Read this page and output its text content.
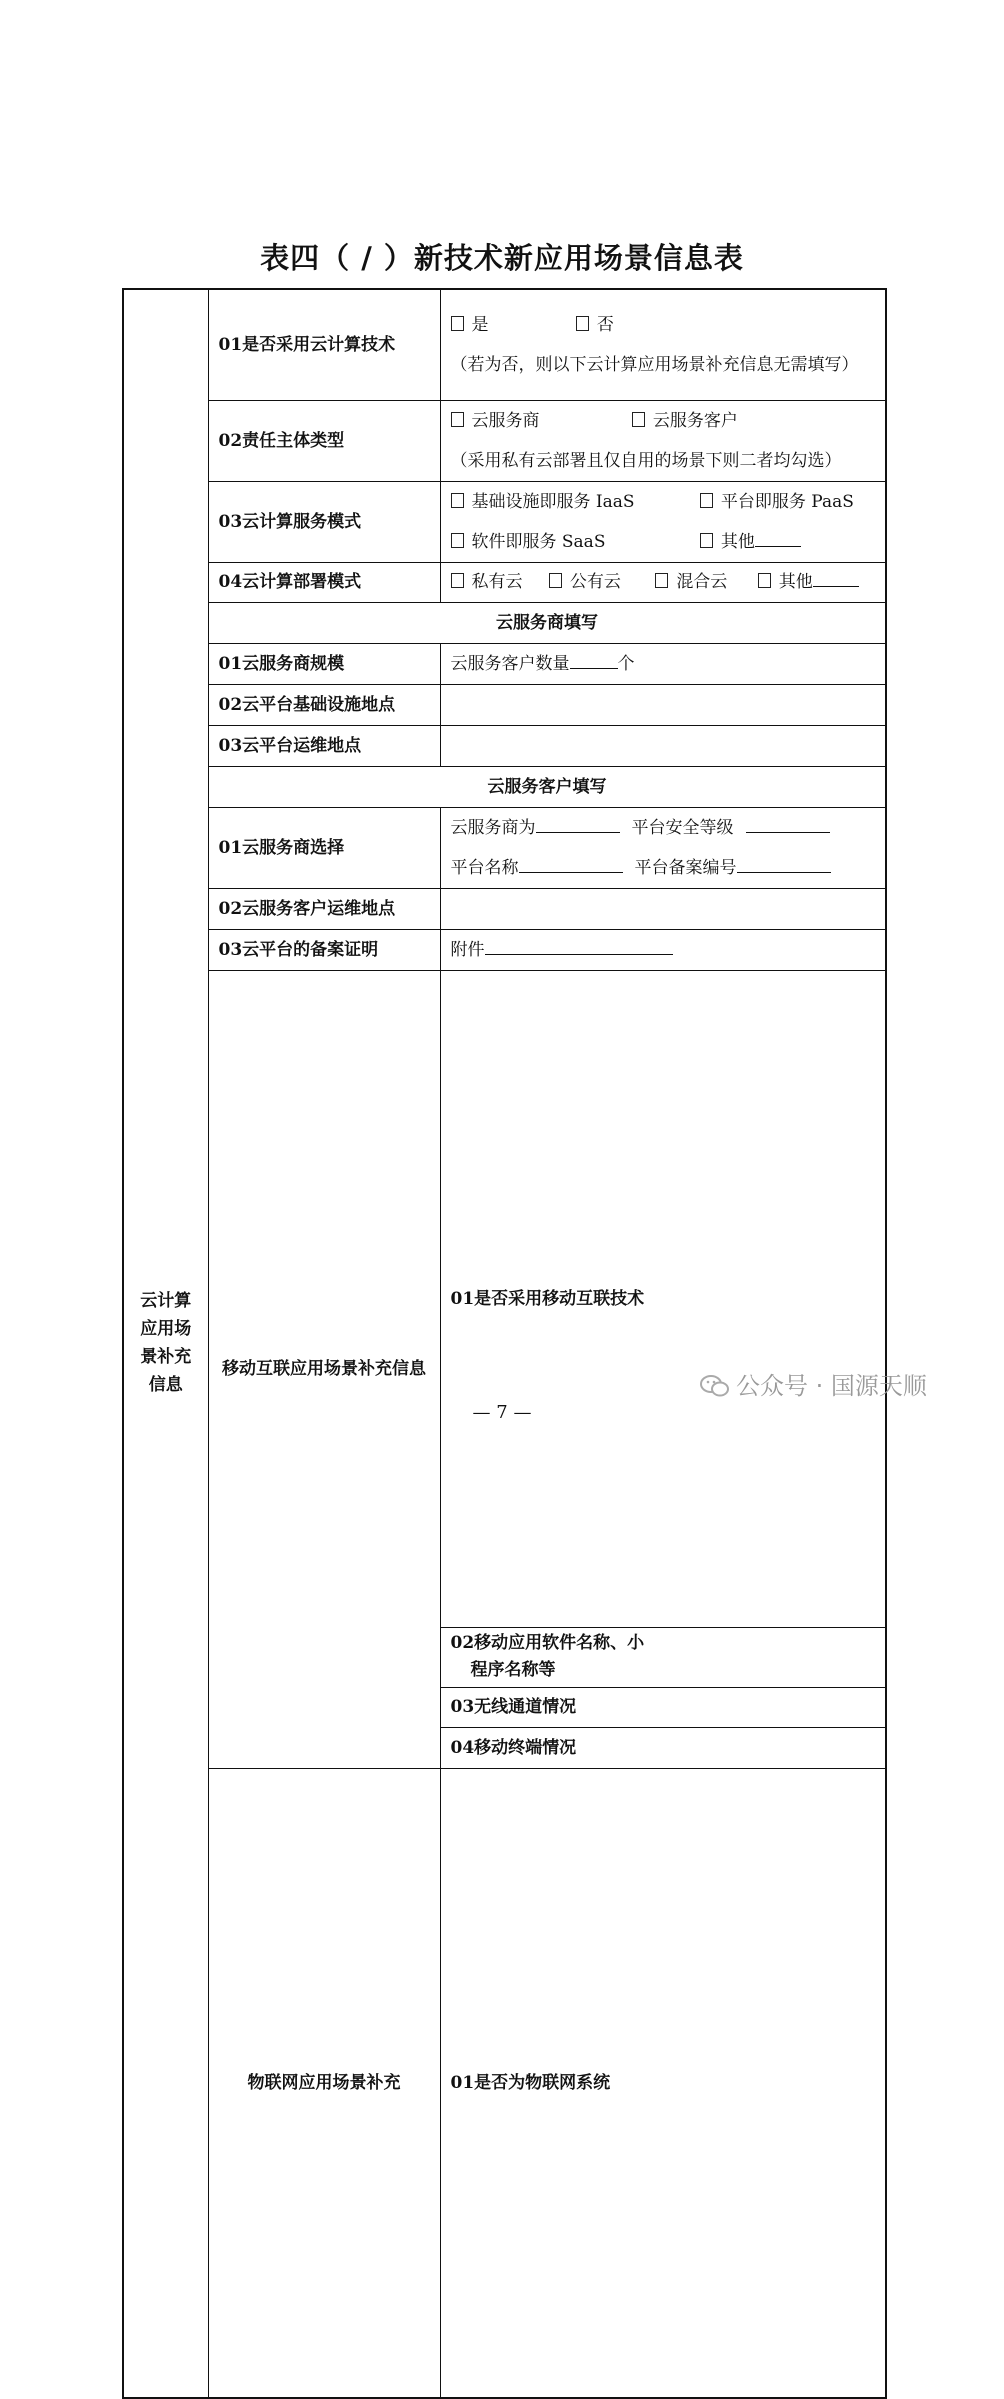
表四（ / ）新技术新应用场景信息表
云计算应用场景补充信息	01是否采用云计算技术	是 否
（若为否，则以下云计算应用场景补充信息无需填写）	

	02责任主体类型	云服务商 云服务客户
（采用私有云部署且仅自用的场景下则二者均勾选）	

	03云计算服务模式	基础设施即服务 IaaS 平台即服务 PaaS
软件即服务 SaaS 其他	

	04云计算部署模式	私有云 公有云 混合云 其他	

	云服务商填写		
	01云服务商规模	云服务客户数量 个	
	02云平台基础设施地点		
	03云平台运维地点		
	云服务客户填写		
	01云服务商选择	云服务商为 平台安全等级
平台名称 平台备案编号	

	02云服务客户运维地点		
	03云平台的备案证明	附件	
	移动互联应用场景补充信息	01是否采用移动互联技术	

		02移动应用软件名称、小
程序名称等	

		03无线通道情况	

		04移动终端情况	

	物联网应用场景补充	01是否为物联网系统	

公众号 · 国源天顺
— 7 —
